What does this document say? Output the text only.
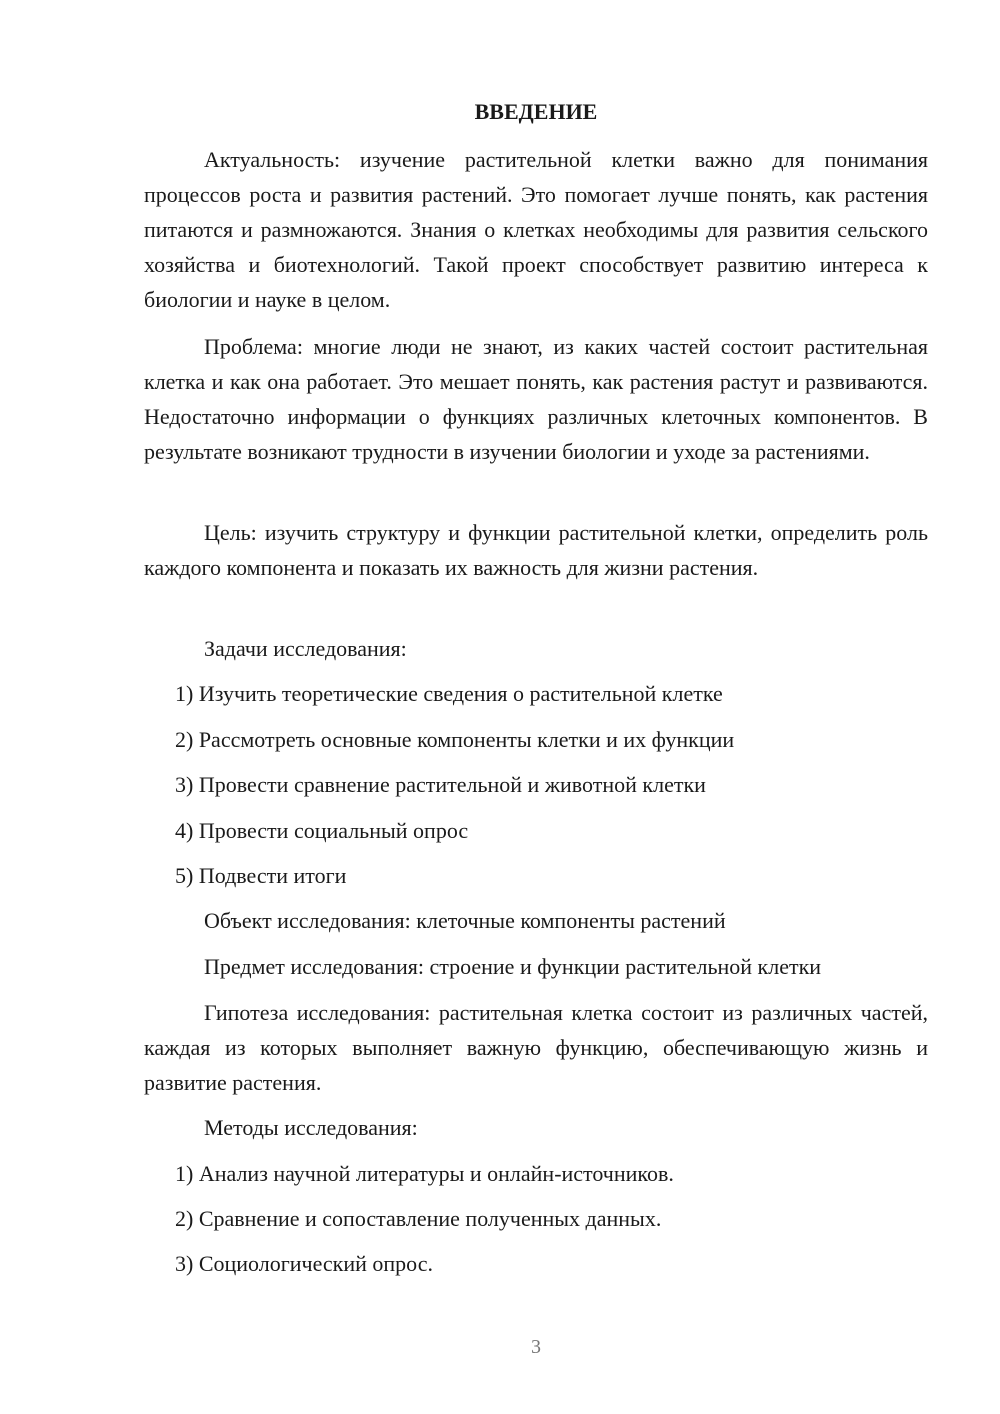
ВВЕДЕНИЕ

Актуальность: изучение растительной клетки важно для понимания процессов роста и развития растений. Это помогает лучше понять, как растения питаются и размножаются. Знания о клетках необходимы для развития сельского хозяйства и биотехнологий. Такой проект способствует развитию интереса к биологии и науке в целом.

Проблема: многие люди не знают, из каких частей состоит растительная клетка и как она работает. Это мешает понять, как растения растут и развиваются. Недостаточно информации о функциях различных клеточных компонентов. В результате возникают трудности в изучении биологии и уходе за растениями.

Цель: изучить структуру и функции растительной клетки, определить роль каждого компонента и показать их важность для жизни растения.

Задачи исследования:

1) Изучить теоретические сведения о растительной клетке

2) Рассмотреть основные компоненты клетки и их функции

3) Провести сравнение растительной и животной клетки

4) Провести социальный опрос

5) Подвести итоги

Объект исследования: клеточные компоненты растений

Предмет исследования: строение и функции растительной клетки

Гипотеза исследования: растительная клетка состоит из различных частей, каждая из которых выполняет важную функцию, обеспечивающую жизнь и развитие растения.

Методы исследования:

1) Анализ научной литературы и онлайн-источников.

2) Сравнение и сопоставление полученных данных.

3) Социологический опрос.

3
